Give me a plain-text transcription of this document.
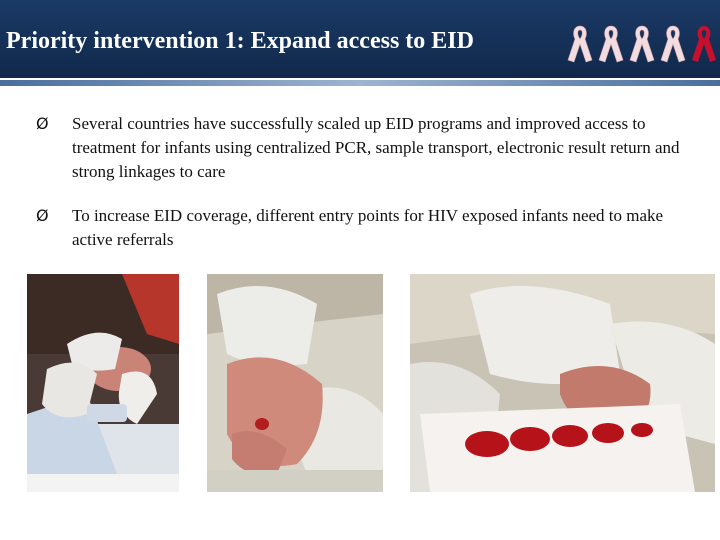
Priority intervention 1: Expand access to EID
Ø Several countries have successfully scaled up EID programs and improved access to treatment for infants using centralized PCR, sample transport, electronic result return and strong linkages to care
Ø To increase EID coverage, different entry points for HIV exposed infants need to make active referrals
